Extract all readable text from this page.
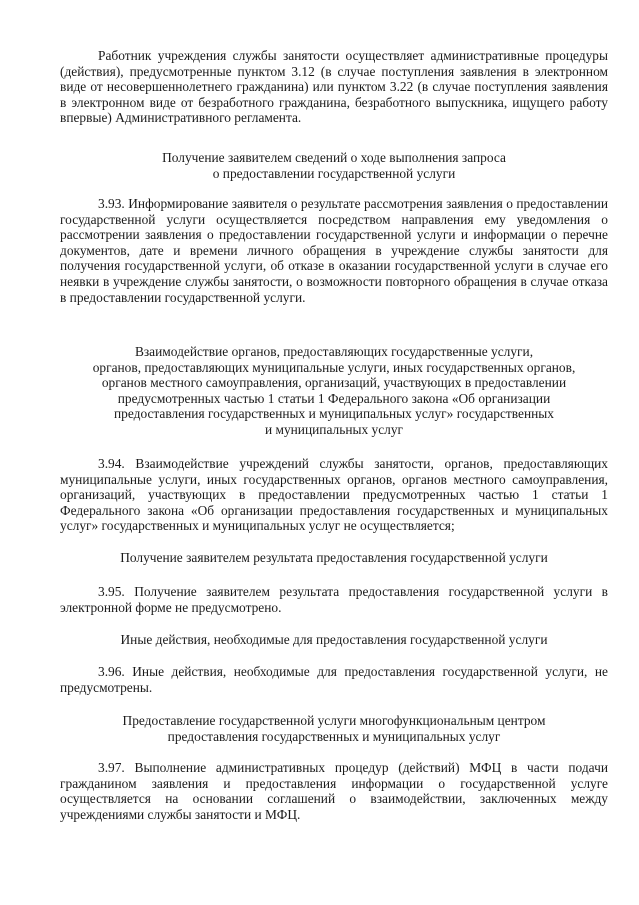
Работник учреждения службы занятости осуществляет административные процедуры (действия), предусмотренные пунктом 3.12 (в случае поступления заявления в электронном виде от несовершеннолетнего гражданина) или пунктом 3.22 (в случае поступления заявления в электронном виде от безработного гражданина, безработного выпускника, ищущего работу впервые) Административного регламента.

Получение заявителем сведений о ходе выполнения запроса
о предоставлении государственной услуги

3.93. Информирование заявителя о результате рассмотрения заявления о предоставлении государственной услуги осуществляется посредством направления ему уведомления о рассмотрении заявления о предоставлении государственной услуги и информации о перечне документов, дате и времени личного обращения в учреждение службы занятости для получения государственной услуги, об отказе в оказании государственной услуги в случае его неявки в учреждение службы занятости, о возможности повторного обращения в случае отказа в предоставлении государственной услуги.

Взаимодействие органов, предоставляющих государственные услуги,
органов, предоставляющих муниципальные услуги, иных государственных органов,
органов местного самоуправления, организаций, участвующих в предоставлении
предусмотренных частью 1 статьи 1 Федерального закона «Об организации
предоставления государственных и муниципальных услуг» государственных
и муниципальных услуг

3.94. Взаимодействие учреждений службы занятости, органов, предоставляющих муниципальные услуги, иных государственных органов, органов местного самоуправления, организаций, участвующих в предоставлении предусмотренных частью 1 статьи 1 Федерального закона «Об организации предоставления государственных и муниципальных услуг» государственных и муниципальных услуг не осуществляется;

Получение заявителем результата предоставления государственной услуги

3.95. Получение заявителем результата предоставления государственной услуги в электронной форме не предусмотрено.

Иные действия, необходимые для предоставления государственной услуги

3.96. Иные действия, необходимые для предоставления государственной услуги, не предусмотрены.

Предоставление государственной услуги многофункциональным центром
предоставления государственных и муниципальных услуг

3.97. Выполнение административных процедур (действий) МФЦ в части подачи гражданином заявления и предоставления информации о государственной услуге осуществляется на основании соглашений о взаимодействии, заключенных между учреждениями службы занятости и МФЦ.
